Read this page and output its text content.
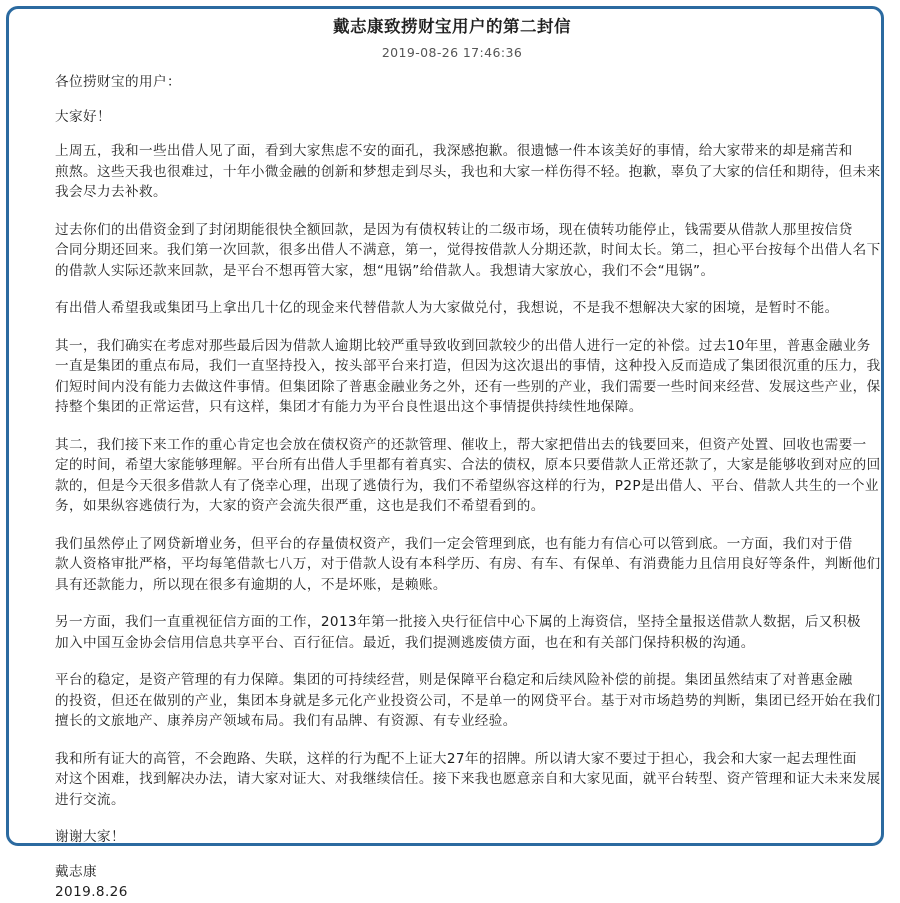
戴志康致捞财宝用户的第二封信
2019-08-26 17:46:36

各位捞财宝的用户：

大家好！

上周五，我和一些出借人见了面，看到大家焦虑不安的面孔，我深感抱歉。很遗憾一件本该美好的事情，给大家带来的却是痛苦和

煎熬。这些天我也很难过，十年小微金融的创新和梦想走到尽头，我也和大家一样伤得不轻。抱歉，辜负了大家的信任和期待，但未来

我会尽力去补救。

过去你们的出借资金到了封闭期能很快全额回款，是因为有债权转让的二级市场，现在债转功能停止，钱需要从借款人那里按信贷

合同分期还回来。我们第一次回款，很多出借人不满意，第一，觉得按借款人分期还款，时间太长。第二，担心平台按每个出借人名下

的借款人实际还款来回款，是平台不想再管大家，想“甩锅”给借款人。我想请大家放心，我们不会“甩锅”。

有出借人希望我或集团马上拿出几十亿的现金来代替借款人为大家做兑付，我想说，不是我不想解决大家的困境，是暂时不能。

其一，我们确实在考虑对那些最后因为借款人逾期比较严重导致收到回款较少的出借人进行一定的补偿。过去10年里，普惠金融业务

一直是集团的重点布局，我们一直坚持投入，按头部平台来打造，但因为这次退出的事情，这种投入反而造成了集团很沉重的压力，我

们短时间内没有能力去做这件事情。但集团除了普惠金融业务之外，还有一些别的产业，我们需要一些时间来经营、发展这些产业，保

持整个集团的正常运营，只有这样，集团才有能力为平台良性退出这个事情提供持续性地保障。

其二，我们接下来工作的重心肯定也会放在债权资产的还款管理、催收上，帮大家把借出去的钱要回来，但资产处置、回收也需要一

定的时间，希望大家能够理解。平台所有出借人手里都有着真实、合法的债权，原本只要借款人正常还款了，大家是能够收到对应的回

款的，但是今天很多借款人有了侥幸心理，出现了逃债行为，我们不希望纵容这样的行为，P2P是出借人、平台、借款人共生的一个业

务，如果纵容逃债行为，大家的资产会流失很严重，这也是我们不希望看到的。

我们虽然停止了网贷新增业务，但平台的存量债权资产，我们一定会管理到底，也有能力有信心可以管到底。一方面，我们对于借

款人资格审批严格，平均每笔借款七八万，对于借款人设有本科学历、有房、有车、有保单、有消费能力且信用良好等条件，判断他们

具有还款能力，所以现在很多有逾期的人，不是坏账，是赖账。

另一方面，我们一直重视征信方面的工作，2013年第一批接入央行征信中心下属的上海资信，坚持全量报送借款人数据，后又积极

加入中国互金协会信用信息共享平台、百行征信。最近，我们提测逃废债方面，也在和有关部门保持积极的沟通。

平台的稳定，是资产管理的有力保障。集团的可持续经营，则是保障平台稳定和后续风险补偿的前提。集团虽然结束了对普惠金融

的投资，但还在做别的产业，集团本身就是多元化产业投资公司，不是单一的网贷平台。基于对市场趋势的判断，集团已经开始在我们

擅长的文旅地产、康养房产领域布局。我们有品牌、有资源、有专业经验。

我和所有证大的高管，不会跑路、失联，这样的行为配不上证大27年的招牌。所以请大家不要过于担心，我会和大家一起去理性面

对这个困难，找到解决办法，请大家对证大、对我继续信任。接下来我也愿意亲自和大家见面，就平台转型、资产管理和证大未来发展

进行交流。

谢谢大家！

戴志康

2019.8.26
